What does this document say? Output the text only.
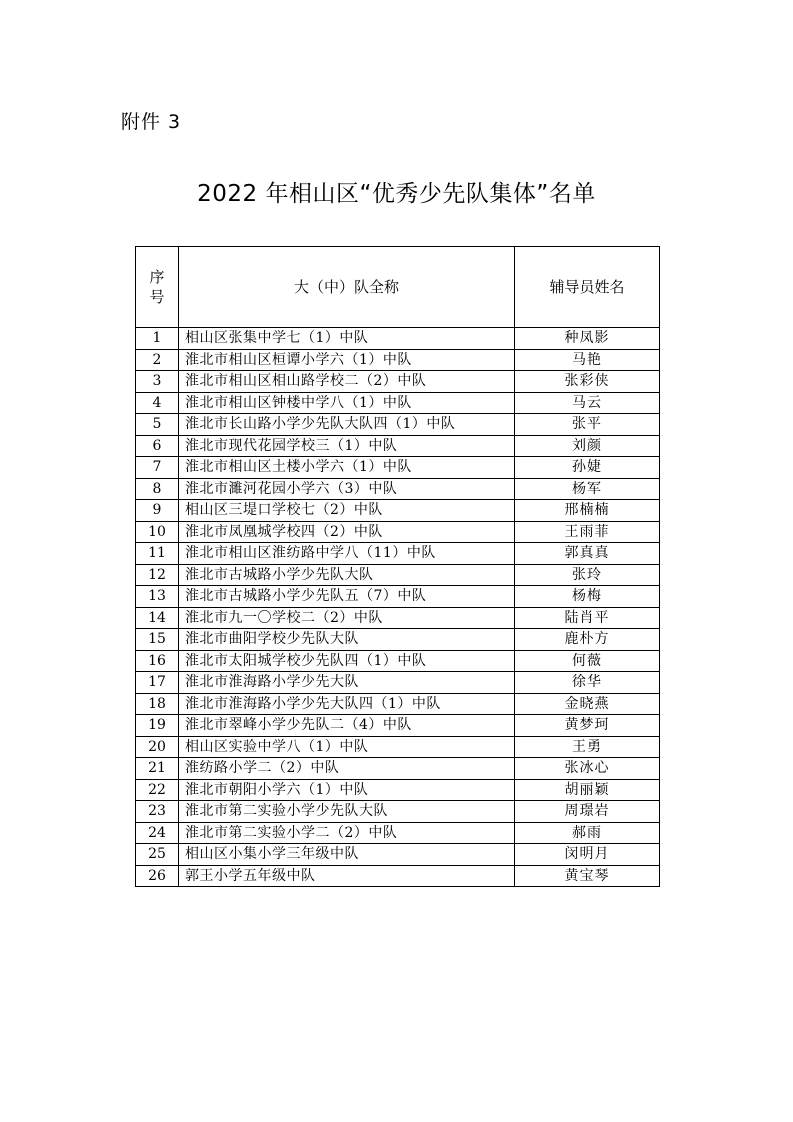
附件 3
2022 年相山区“优秀少先队集体”名单
序
号	大（中）队全称	辅导员姓名
1	相山区张集中学七（1）中队	种凤影
2	淮北市相山区桓谭小学六（1）中队	马艳
3	淮北市相山区相山路学校二（2）中队	张彩侠
4	淮北市相山区钟楼中学八（1）中队	马云
5	淮北市长山路小学少先队大队四（1）中队	张平
6	淮北市现代花园学校三（1）中队	刘颜
7	淮北市相山区土楼小学六（1）中队	孙婕
8	淮北市濉河花园小学六（3）中队	杨军
9	相山区三堤口学校七（2）中队	邢楠楠
10	淮北市凤凰城学校四（2）中队	王雨菲
11	淮北市相山区淮纺路中学八（11）中队	郭真真
12	淮北市古城路小学少先队大队	张玲
13	淮北市古城路小学少先队五（7）中队	杨梅
14	淮北市九一〇学校二（2）中队	陆肖平
15	淮北市曲阳学校少先队大队	鹿朴方
16	淮北市太阳城学校少先队四（1）中队	何薇
17	淮北市淮海路小学少先大队	徐华
18	淮北市淮海路小学少先大队四（1）中队	金晓燕
19	淮北市翠峰小学少先队二（4）中队	黄梦珂
20	相山区实验中学八（1）中队	王勇
21	淮纺路小学二（2）中队	张冰心
22	淮北市朝阳小学六（1）中队	胡丽颖
23	淮北市第二实验小学少先队大队	周璟岩
24	淮北市第二实验小学二（2）中队	郝雨
25	相山区小集小学三年级中队	闵明月
26	郭王小学五年级中队	黄宝琴
